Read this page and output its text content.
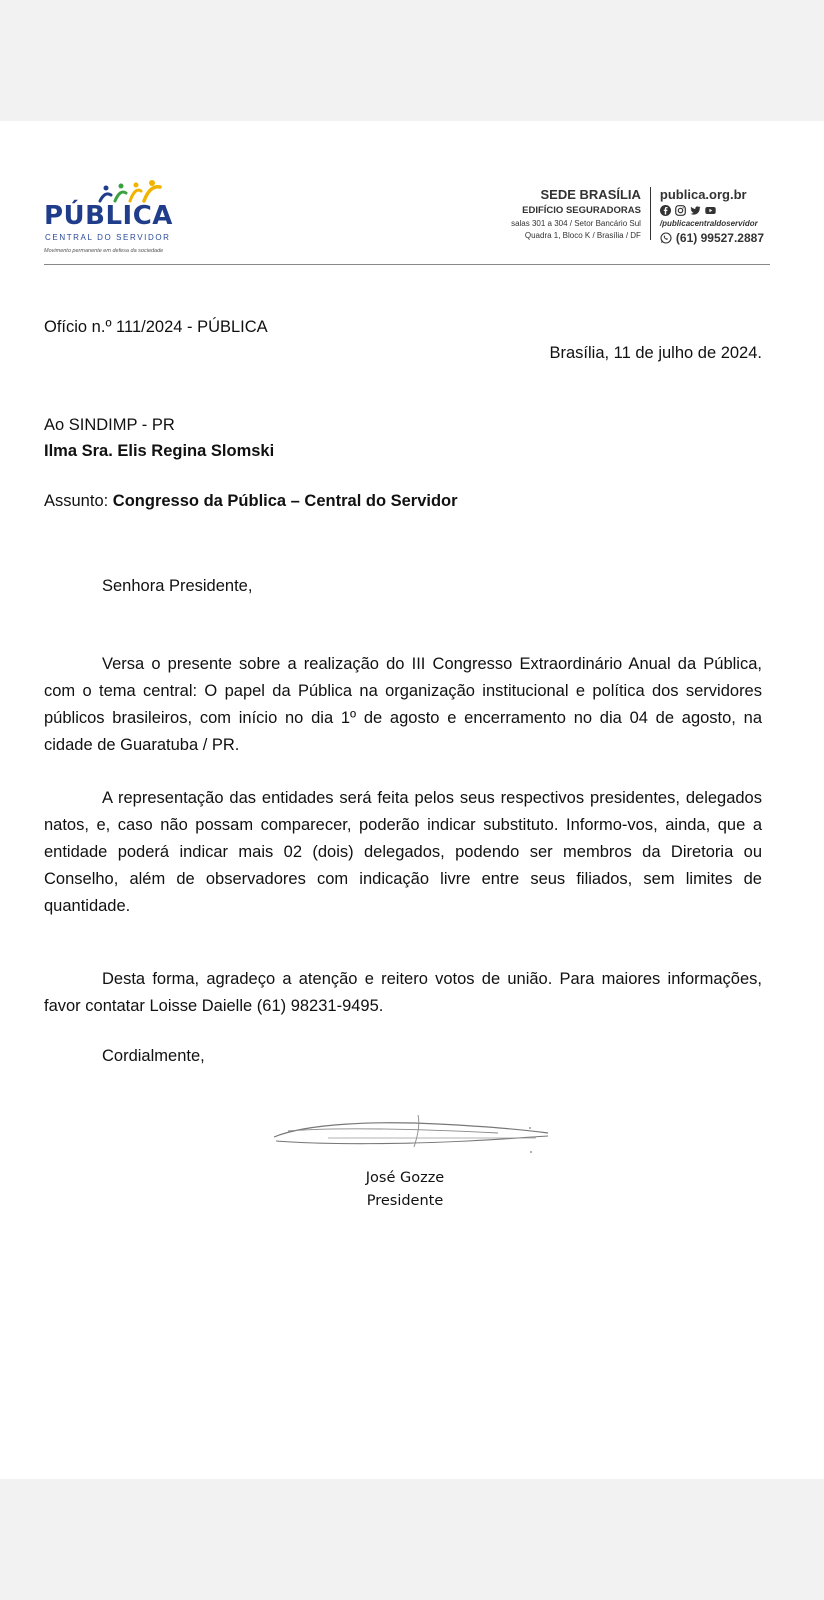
PÚBLICA
CENTRAL DO SERVIDOR
Movimento permanente em defesa da sociedade
SEDE BRASÍLIA
EDIFÍCIO SEGURADORAS
salas 301 a 304 / Setor Bancário Sul
Quadra 1, Bloco K / Brasília / DF
publica.org.br
/publicacentraldoservidor
(61) 99527.2887
Ofício n.º 111/2024 - PÚBLICA
Brasília, 11 de julho de 2024.
Ao SINDIMP - PR
Ilma Sra. Elis Regina Slomski
Assunto: Congresso da Pública – Central do Servidor
Senhora Presidente,
Versa o presente sobre a realização do III Congresso Extraordinário Anual da Pública, com o tema central: O papel da Pública na organização institucional e política dos servidores públicos brasileiros, com início no dia 1º de agosto e encerramento no dia 04 de agosto, na cidade de Guaratuba / PR.
A representação das entidades será feita pelos seus respectivos presidentes, delegados natos, e, caso não possam comparecer, poderão indicar substituto. Informo-vos, ainda, que a entidade poderá indicar mais 02 (dois) delegados, podendo ser membros da Diretoria ou Conselho, além de observadores com indicação livre entre seus filiados, sem limites de quantidade.
Desta forma, agradeço a atenção e reitero votos de união. Para maiores informações, favor contatar Loisse Daielle (61) 98231-9495.
Cordialmente,
José Gozze
Presidente
